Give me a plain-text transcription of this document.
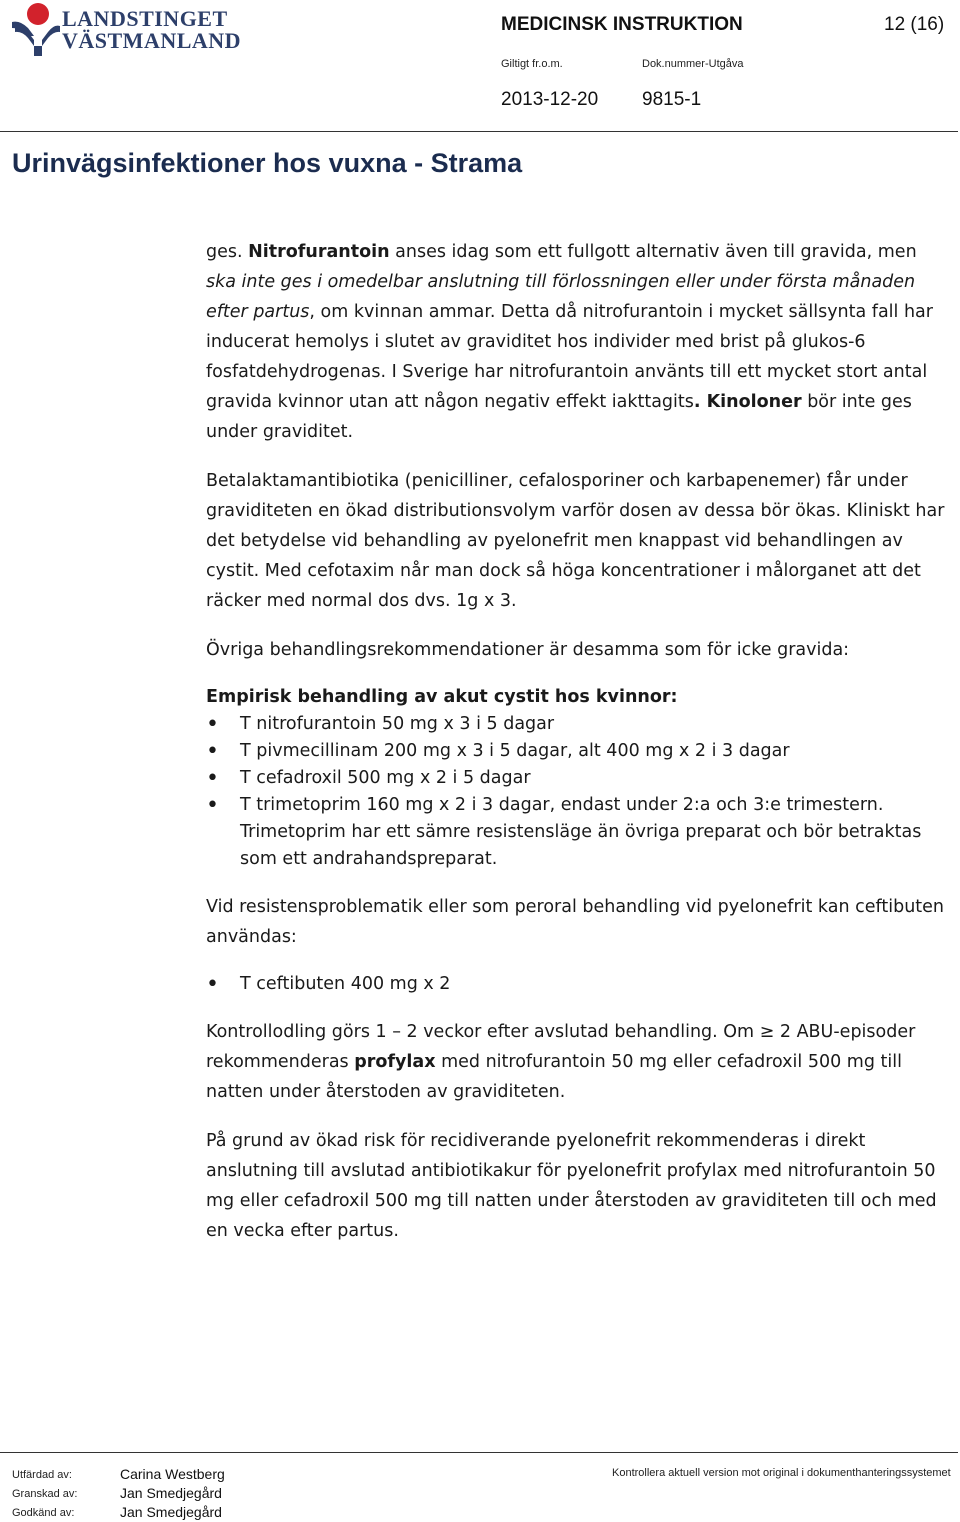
LANDSTINGET
VÄSTMANLAND
MEDICINSK INSTRUKTION	12 (16)
Giltigt fr.o.m.	Dok.nummer-Utgåva
2013-12-20 9815-1
Urinvägsinfektioner hos vuxna - Strama

ges. Nitrofurantoin anses idag som ett fullgott alternativ även till gravida, men ska inte ges i omedelbar anslutning till förlossningen eller under första månaden efter partus, om kvinnan ammar. Detta då nitrofurantoin i mycket sällsynta fall har inducerat hemolys i slutet av graviditet hos individer med brist på glukos-6 fosfatdehydrogenas. I Sverige har nitrofurantoin använts till ett mycket stort antal gravida kvinnor utan att någon negativ effekt iakttagits. Kinoloner bör inte ges under graviditet.

Betalaktamantibiotika (penicilliner, cefalosporiner och karbapenemer) får under graviditeten en ökad distributionsvolym varför dosen av dessa bör ökas. Kliniskt har det betydelse vid behandling av pyelonefrit men knappast vid behandlingen av cystit. Med cefotaxim når man dock så höga koncentrationer i målorganet att det räcker med normal dos dvs. 1g x 3.

Övriga behandlingsrekommendationer är desamma som för icke gravida:

Empirisk behandling av akut cystit hos kvinnor:

• T nitrofurantoin 50 mg x 3 i 5 dagar
• T pivmecillinam 200 mg x 3 i 5 dagar, alt 400 mg x 2 i 3 dagar
• T cefadroxil 500 mg x 2 i 5 dagar
• T trimetoprim 160 mg x 2 i 3 dagar, endast under 2:a och 3:e trimestern. Trimetoprim har ett sämre resistensläge än övriga preparat och bör betraktas som ett andrahandspreparat.

Vid resistensproblematik eller som peroral behandling vid pyelonefrit kan ceftibuten användas:

• T ceftibuten 400 mg x 2

Kontrollodling görs 1 – 2 veckor efter avslutad behandling. Om ≥ 2 ABU-episoder rekommenderas profylax med nitrofurantoin 50 mg eller cefadroxil 500 mg till natten under återstoden av graviditeten.

På grund av ökad risk för recidiverande pyelonefrit rekommenderas i direkt anslutning till avslutad antibiotikakur för pyelonefrit profylax med nitrofurantoin 50 mg eller cefadroxil 500 mg till natten under återstoden av graviditeten till och med en vecka efter partus.

Utfärdad av:	Carina Westberg
Granskad av:	Jan Smedjegård
Godkänd av:	Jan Smedjegård
Kontrollera aktuell version mot original i dokumenthanteringssystemet
